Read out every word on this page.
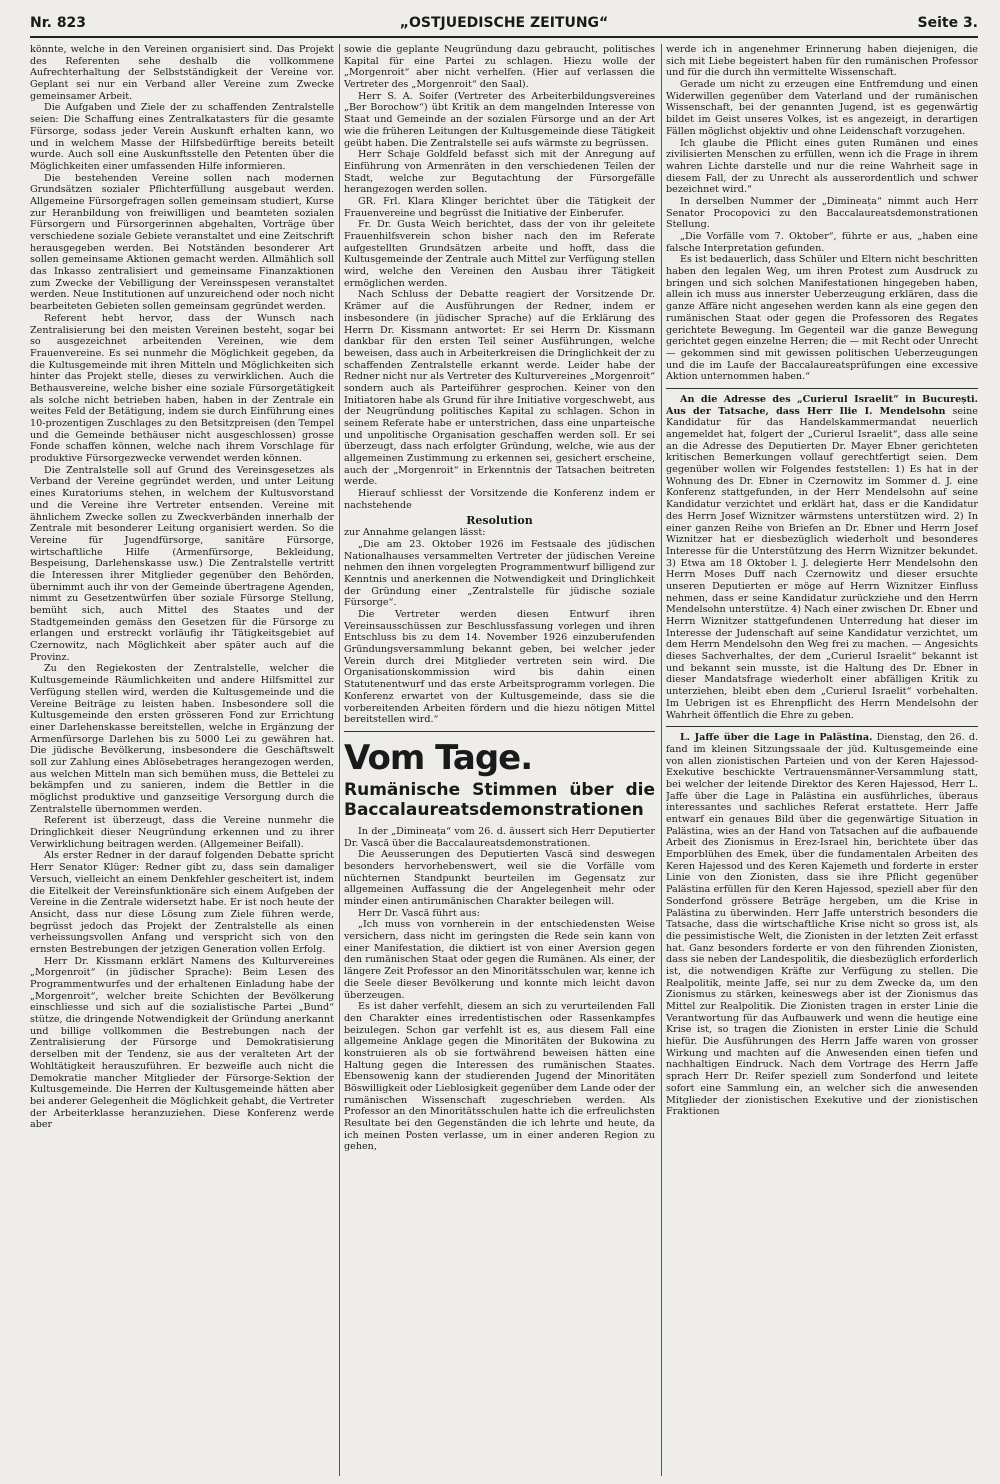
Nr. 823	„OSTJUEDISCHE ZEITUNG“	Seite 3.

könnte, welche in den Vereinen organisiert sind. Das Projekt des Referenten sehe deshalb die vollkommene Aufrechterhaltung der Selbstständigkeit der Vereine vor. Geplant sei nur ein Verband aller Vereine zum Zwecke gemeinsamer Arbeit.

Die Aufgaben und Ziele der zu schaffenden Zentralstelle seien: Die Schaffung eines Zentralkatasters für die gesamte Fürsorge, sodass jeder Verein Auskunft erhalten kann, wo und in welchem Masse der Hilfsbedürftige bereits beteilt wurde. Auch soll eine Auskunftsstelle den Petenten über die Möglichkeiten einer umfassenden Hilfe informieren.

Die bestehenden Vereine sollen nach modernen Grundsätzen sozialer Pflichterfüllung ausgebaut werden. Allgemeine Fürsorgefragen sollen gemeinsam studiert, Kurse zur Heranbildung von freiwilligen und beamteten sozialen Fürsorgern und Fürsorgerinnen abgehalten, Vorträge über verschiedene soziale Gebiete veranstaltet und eine Zeitschrift herausgegeben werden. Bei Notständen besonderer Art sollen gemeinsame Aktionen gemacht werden. Allmählich soll das Inkasso zentralisiert und gemeinsame Finanzaktionen zum Zwecke der Vebilligung der Vereinsspesen veranstaltet werden. Neue Institutionen auf unzureichend oder noch nicht bearbeiteten Gebieten sollen gemeinsam gegründet werden.

Referent hebt hervor, dass der Wunsch nach Zentralisierung bei den meisten Vereinen besteht, sogar bei so ausgezeichnet arbeitenden Vereinen, wie dem Frauenvereine. Es sei nunmehr die Möglichkeit gegeben, da die Kultusgemeinde mit ihren Mitteln und Möglichkeiten sich hinter das Projekt stelle, dieses zu verwirklichen. Auch die Bethausvereine, welche bisher eine soziale Fürsorgetätigkeit als solche nicht betrieben haben, haben in der Zentrale ein weites Feld der Betätigung, indem sie durch Einführung eines 10-prozentigen Zuschlages zu den Betsitzpreisen (den Tempel und die Gemeinde bethäuser nicht ausgeschlossen) grosse Fonde schaffen können, welche nach ihrem Vorschlage für produktive Fürsorgezwecke verwendet werden können.

Die Zentralstelle soll auf Grund des Vereinsgesetzes als Verband der Vereine gegründet werden, und unter Leitung eines Kuratoriums stehen, in welchem der Kultusvorstand und die Vereine ihre Vertreter entsenden. Vereine mit ähnlichem Zwecke sollen zu Zweckverbänden innerhalb der Zentrale mit besonderer Leitung organisiert werden. So die Vereine für Jugendfürsorge, sanitäre Fürsorge, wirtschaftliche Hilfe (Armenfürsorge, Bekleidung, Bespeisung, Darlehenskasse usw.) Die Zentralstelle vertritt die Interessen ihrer Mitglieder gegenüber den Behörden, übernimmt auch ihr von der Gemeinde übertragene Agenden, nimmt zu Gesetzentwürfen über soziale Fürsorge Stellung, bemüht sich, auch Mittel des Staates und der Stadtgemeinden gemäss den Gesetzen für die Fürsorge zu erlangen und erstreckt vorläufig ihr Tätigkeitsgebiet auf Czernowitz, nach Möglichkeit aber später auch auf die Provinz.

Zu den Regiekosten der Zentralstelle, welcher die Kultusgemeinde Räumlichkeiten und andere Hilfsmittel zur Verfügung stellen wird, werden die Kultusgemeinde und die Vereine Beiträge zu leisten haben. Insbesondere soll die Kultusgemeinde den ersten grösseren Fond zur Errichtung einer Darlehenskasse bereitstellen, welche in Ergänzung der Armenfürsorge Darlehen bis zu 5000 Lei zu gewähren hat. Die jüdische Bevölkerung, insbesondere die Geschäftswelt soll zur Zahlung eines Ablösebetrages herangezogen werden, aus welchen Mitteln man sich bemühen muss, die Bettelei zu bekämpfen und zu sanieren, indem die Bettler in die möglichst produktive und ganzseitige Versorgung durch die Zentralstelle übernommen werden.

Referent ist überzeugt, dass die Vereine nunmehr die Dringlichkeit dieser Neugründung erkennen und zu ihrer Verwirklichung beitragen werden. (Allgemeiner Beifall).

Als erster Redner in der darauf folgenden Debatte spricht Herr Senator Klüger: Redner gibt zu, dass sein damaliger Versuch, vielleicht an einem Denkfehler gescheitert ist, indem die Eitelkeit der Vereinsfunktionäre sich einem Aufgeben der Vereine in die Zentrale widersetzt habe. Er ist noch heute der Ansicht, dass nur diese Lösung zum Ziele führen werde, begrüsst jedoch das Projekt der Zentralstelle als einen verheissungsvollen Anfang und verspricht sich von den ernsten Bestrebungen der jetzigen Generation vollen Erfolg.

Herr Dr. Kissmann erklärt Namens des Kulturvereines „Morgenroit“ (in jüdischer Sprache): Beim Lesen des Programmentwurfes und der erhaltenen Einladung habe der „Morgenroit“, welcher breite Schichten der Bevölkerung einschliesse und sich auf die sozialistische Partei „Bund“ stütze, die dringende Notwendigkeit der Gründung anerkannt und billige vollkommen die Bestrebungen nach der Zentralisierung der Fürsorge und Demokratisierung derselben mit der Tendenz, sie aus der veralteten Art der Wohltätigkeit herauszuführen. Er bezweifle auch nicht die Demokratie mancher Mitglieder der Fürsorge-Sektion der Kultusgemeinde. Die Herren der Kultusgemeinde hätten aber bei anderer Gelegenheit die Möglichkeit gehabt, die Vertreter der Arbeiterklasse heranzuziehen. Diese Konferenz werde aber

sowie die geplante Neugründung dazu gebraucht, politisches Kapital für eine Partei zu schlagen. Hiezu wolle der „Morgenroit“ aber nicht verhelfen. (Hier auf verlassen die Vertreter des „Morgenroit“ den Saal).

Herr S. A. Soifer (Vertreter des Arbeiterbildungsvereines „Ber Borochow“) übt Kritik an dem mangelnden Interesse von Staat und Gemeinde an der sozialen Fürsorge und an der Art wie die früheren Leitungen der Kultusgemeinde diese Tätigkeit geübt haben. Die Zentralstelle sei aufs wärmste zu begrüssen.

Herr Schaje Goldfeld befasst sich mit der Anregung auf Einführung von Armenräten in den verschiedenen Teilen der Stadt, welche zur Begutachtung der Fürsorgefälle herangezogen werden sollen.

GR. Frl. Klara Klinger berichtet über die Tätigkeit der Frauenvereine und begrüsst die Initiative der Einberufer.

Fr. Dr. Gusta Weich berichtet, dass der von ihr geleitete Frauenhilfsverein schon bisher nach den im Referate aufgestellten Grundsätzen arbeite und hofft, dass die Kultusgemeinde der Zentrale auch Mittel zur Verfügung stellen wird, welche den Vereinen den Ausbau ihrer Tätigkeit ermöglichen werden.

Nach Schluss der Debatte reagiert der Vorsitzende Dr. Krämer auf die Ausführungen der Redner, indem er insbesondere (in jüdischer Sprache) auf die Erklärung des Herrn Dr. Kissmann antwortet: Er sei Herrn Dr. Kissmann dankbar für den ersten Teil seiner Ausführungen, welche beweisen, dass auch in Arbeiterkreisen die Dringlichkeit der zu schaffenden Zentralstelle erkannt werde. Leider habe der Redner nicht nur als Vertreter des Kulturvereines „Morgenroit“ sondern auch als Parteiführer gesprochen. Keiner von den Initiatoren habe als Grund für ihre Initiative vorgeschwebt, aus der Neugründung politisches Kapital zu schlagen. Schon in seinem Referate habe er unterstrichen, dass eine unparteische und unpolitische Organisation geschaffen werden soll. Er sei überzeugt, dass nach erfolgter Gründung, welche, wie aus der allgemeinen Zustimmung zu erkennen sei, gesichert erscheine, auch der „Morgenroit“ in Erkenntnis der Tatsachen beitreten werde.

Hierauf schliesst der Vorsitzende die Konferenz indem er nachstehende

Resolution

zur Annahme gelangen lässt:

„Die am 23. Oktober 1926 im Festsaale des jüdischen Nationalhauses versammelten Vertreter der jüdischen Vereine nehmen den ihnen vorgelegten Programmentwurf billigend zur Kenntnis und anerkennen die Notwendigkeit und Dringlichkeit der Gründung einer „Zentralstelle für jüdische soziale Fürsorge“.

Die Vertreter werden diesen Entwurf ihren Vereinsausschüssen zur Beschlussfassung vorlegen und ihren Entschluss bis zu dem 14. November 1926 einzuberufenden Gründungsversammlung bekannt geben, bei welcher jeder Verein durch drei Mitglieder vertreten sein wird. Die Organisationskommission wird bis dahin einen Statutenentwurf und das erste Arbeitsprogramm vorlegen. Die Konferenz erwartet von der Kultusgemeinde, dass sie die vorbereitenden Arbeiten fördern und die hiezu nötigen Mittel bereitstellen wird.“

Vom Tage.
Rumänische Stimmen über die Baccalaureatsdemonstrationen

In der „Dimineața“ vom 26. d. äussert sich Herr Deputierter Dr. Vască über die Baccalaureatsdemonstrationen.

Die Aeusserungen des Deputierten Vască sind deswegen besonders hervorhebenswert, weil sie die Vorfälle vom nüchternen Standpunkt beurteilen im Gegensatz zur allgemeinen Auffassung die der Angelegenheit mehr oder minder einen antirumänischen Charakter beilegen will.

Herr Dr. Vască führt aus:

„Ich muss von vornherein in der entschiedensten Weise versichern, dass nicht im geringsten die Rede sein kann von einer Manifestation, die diktiert ist von einer Aversion gegen den rumänischen Staat oder gegen die Rumänen. Als einer, der längere Zeit Professor an den Minoritätsschulen war, kenne ich die Seele dieser Bevölkerung und konnte mich leicht davon überzeugen.

Es ist daher verfehlt, diesem an sich zu verurteilenden Fall den Charakter eines irredentistischen oder Rassenkampfes beizulegen. Schon gar verfehlt ist es, aus diesem Fall eine allgemeine Anklage gegen die Minoritäten der Bukowina zu konstruieren als ob sie fortwährend beweisen hätten eine Haltung gegen die Interessen des rumänischen Staates. Ebensowenig kann der studierenden Jugend der Minoritäten Böswilligkeit oder Lieblosigkeit gegenüber dem Lande oder der rumänischen Wissenschaft zugeschrieben werden. Als Professor an den Minoritätsschulen hatte ich die erfreulichsten Resultate bei den Gegenständen die ich lehrte und heute, da ich meinen Posten verlasse, um in einer anderen Region zu gehen,

werde ich in angenehmer Erinnerung haben diejenigen, die sich mit Liebe begeistert haben für den rumänischen Professor und für die durch ihn vermittelte Wissenschaft.

Gerade um nicht zu erzeugen eine Entfremdung und einen Widerwillen gegenüber dem Vaterland und der rumänischen Wissenschaft, bei der genannten Jugend, ist es gegenwärtig bildet im Geist unseres Volkes, ist es angezeigt, in derartigen Fällen möglichst objektiv und ohne Leidenschaft vorzugehen.

Ich glaube die Pflicht eines guten Rumänen und eines zivilisierten Menschen zu erfüllen, wenn ich die Frage in ihrem wahren Lichte darstelle und nur die reine Wahrheit sage in diesem Fall, der zu Unrecht als ausserordentlich und schwer bezeichnet wird.“

In derselben Nummer der „Dimineața“ nimmt auch Herr Senator Procopovici zu den Baccalaureatsdemonstrationen Stellung.

„Die Vorfälle vom 7. Oktober“, führte er aus, „haben eine falsche Interpretation gefunden.

Es ist bedauerlich, dass Schüler und Eltern nicht beschritten haben den legalen Weg, um ihren Protest zum Ausdruck zu bringen und sich solchen Manifestationen hingegeben haben, allein ich muss aus innerster Ueberzeugung erklären, dass die ganze Affäre nicht angesehen werden kann als eine gegen den rumänischen Staat oder gegen die Professoren des Regates gerichtete Bewegung. Im Gegenteil war die ganze Bewegung gerichtet gegen einzelne Herren; die — mit Recht oder Unrecht — gekommen sind mit gewissen politischen Ueberzeugungen und die im Laufe der Baccalaureatsprüfungen eine excessive Aktion unternommen haben.“

An die Adresse des „Curierul Israelit“ in București. Aus der Tatsache, dass Herr Ilie I. Mendelsohn seine Kandidatur für das Handelskammermandat neuerlich angemeldet hat, folgert der „Curierul Israelit“, dass alle seine an die Adresse des Deputierten Dr. Mayer Ebner gerichteten kritischen Bemerkungen vollauf gerechtfertigt seien. Dem gegenüber wollen wir Folgendes feststellen: 1) Es hat in der Wohnung des Dr. Ebner in Czernowitz im Sommer d. J. eine Konferenz stattgefunden, in der Herr Mendelsohn auf seine Kandidatur verzichtet und erklärt hat, dass er die Kandidatur des Herrn Josef Wiznitzer wärmstens unterstützen wird. 2) In einer ganzen Reihe von Briefen an Dr. Ebner und Herrn Josef Wiznitzer hat er diesbezüglich wiederholt und besonderes Interesse für die Unterstützung des Herrn Wiznitzer bekundet. 3) Etwa am 18 Oktober l. J. delegierte Herr Mendelsohn den Herrn Moses Duff nach Czernowitz und dieser ersuchte unseren Deputierten er möge auf Herrn Wiznitzer Einfluss nehmen, dass er seine Kandidatur zurückziehe und den Herrn Mendelsohn unterstütze. 4) Nach einer zwischen Dr. Ebner und Herrn Wiznitzer stattgefundenen Unterredung hat dieser im Interesse der Judenschaft auf seine Kandidatur verzichtet, um dem Herrn Mendelsohn den Weg frei zu machen. — Angesichts dieses Sachverhaltes, der dem „Curierul Israelit“ bekannt ist und bekannt sein musste, ist die Haltung des Dr. Ebner in dieser Mandatsfrage wiederholt einer abfälligen Kritik zu unterziehen, bleibt eben dem „Curierul Israelit“ vorbehalten. Im Uebrigen ist es Ehrenpflicht des Herrn Mendelsohn der Wahrheit öffentlich die Ehre zu geben.

L. Jaffe über die Lage in Palästina. Dienstag, den 26. d. fand im kleinen Sitzungssaale der jüd. Kultusgemeinde eine von allen zionistischen Parteien und von der Keren Hajessod-Exekutive beschickte Vertrauensmänner-Versammlung statt, bei welcher der leitende Direktor des Keren Hajessod, Herr L. Jaffe über die Lage in Palästina ein ausführliches, überaus interessantes und sachliches Referat erstattete. Herr Jaffe entwarf ein genaues Bild über die gegenwärtige Situation in Palästina, wies an der Hand von Tatsachen auf die aufbauende Arbeit des Zionismus in Erez-Israel hin, berichtete über das Emporblühen des Emek, über die fundamentalen Arbeiten des Keren Hajessod und des Keren Kajemeth und forderte in erster Linie von den Zionisten, dass sie ihre Pflicht gegenüber Palästina erfüllen für den Keren Hajessod, speziell aber für den Sonderfond grössere Beträge hergeben, um die Krise in Palästina zu überwinden. Herr Jaffe unterstrich besonders die Tatsache, dass die wirtschaftliche Krise nicht so gross ist, als die pessimistische Welt, die Zionisten in der letzten Zeit erfasst hat. Ganz besonders forderte er von den führenden Zionisten, dass sie neben der Landespolitik, die diesbezüglich erforderlich ist, die notwendigen Kräfte zur Verfügung zu stellen. Die Realpolitik, meinte Jaffe, sei nur zu dem Zwecke da, um den Zionismus zu stärken, keineswegs aber ist der Zionismus das Mittel zur Realpolitik. Die Zionisten tragen in erster Linie die Verantwortung für das Aufbauwerk und wenn die heutige eine Krise ist, so tragen die Zionisten in erster Linie die Schuld hiefür. Die Ausführungen des Herrn Jaffe waren von grosser Wirkung und machten auf die Anwesenden einen tiefen und nachhaltigen Eindruck. Nach dem Vortrage des Herrn Jaffe sprach Herr Dr. Reifer speziell zum Sonderfond und leitete sofort eine Sammlung ein, an welcher sich die anwesenden Mitglieder der zionistischen Exekutive und der zionistischen Fraktionen
